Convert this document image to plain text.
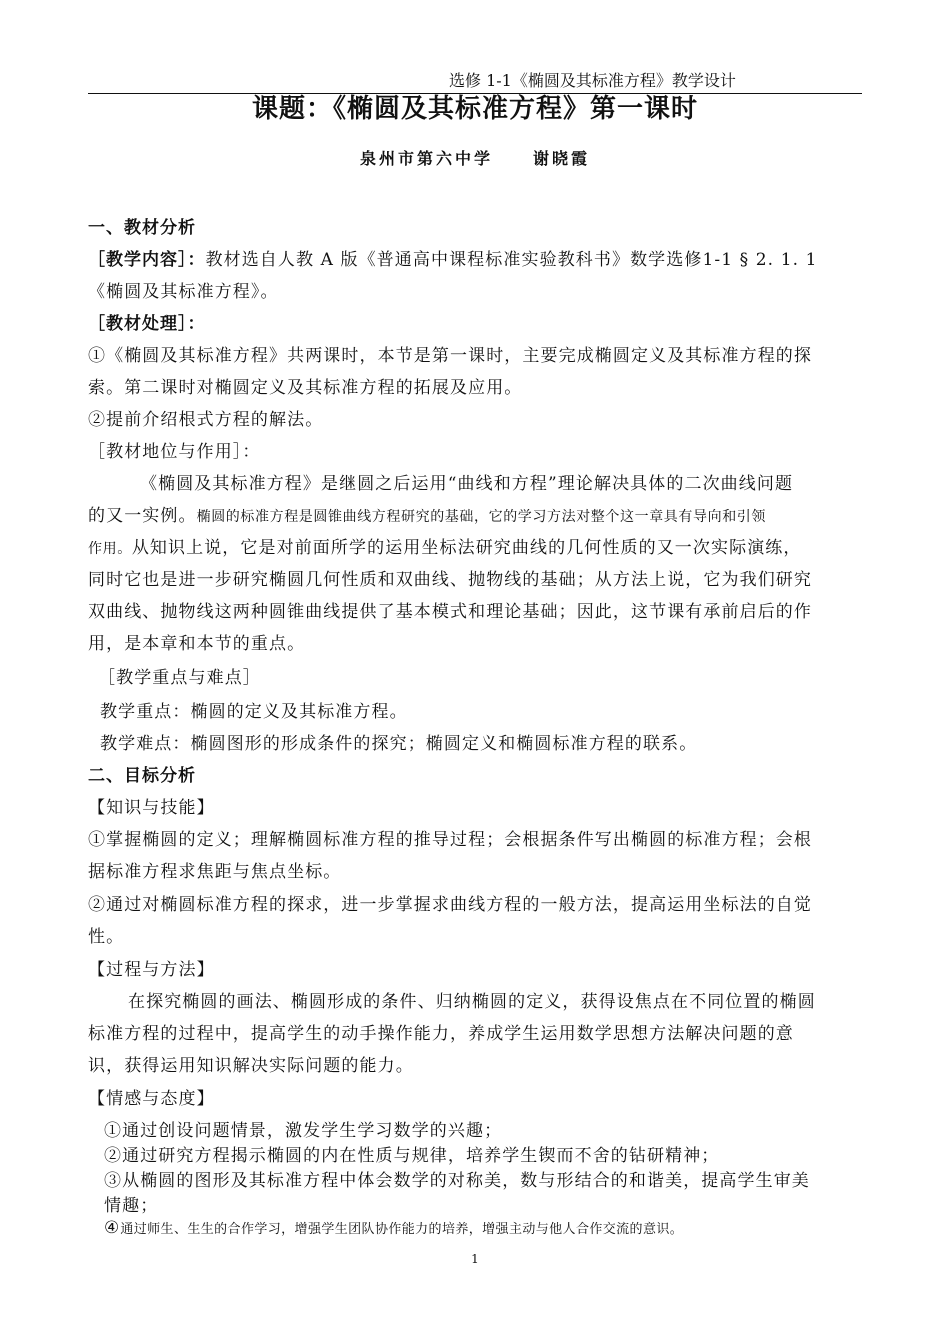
选修 1-1《椭圆及其标准方程》教学设计
课题：《椭圆及其标准方程》第一课时
泉州市第六中学	谢晓霞
一、教材分析
［教学内容］：教材选自人教 A 版《普通高中课程标准实验教科书》数学选修1-1 § 2. 1. 1
《椭圆及其标准方程》。
［教材处理］：
①《椭圆及其标准方程》共两课时，本节是第一课时，主要完成椭圆定义及其标准方程的探
索。第二课时对椭圆定义及其标准方程的拓展及应用。
②提前介绍根式方程的解法。
［教材地位与作用］：
《椭圆及其标准方程》是继圆之后运用“曲线和方程”理论解决具体的二次曲线问题
的又一实例。椭圆的标准方程是圆锥曲线方程研究的基础，它的学习方法对整个这一章具有导向和引领
作用。从知识上说，它是对前面所学的运用坐标法研究曲线的几何性质的又一次实际演练，
同时它也是进一步研究椭圆几何性质和双曲线、抛物线的基础；从方法上说，它为我们研究
双曲线、抛物线这两种圆锥曲线提供了基本模式和理论基础；因此，这节课有承前启后的作
用，是本章和本节的重点。
［教学重点与难点］
教学重点：椭圆的定义及其标准方程。
教学难点：椭圆图形的形成条件的探究；椭圆定义和椭圆标准方程的联系。
二、目标分析
【知识与技能】
①掌握椭圆的定义；理解椭圆标准方程的推导过程；会根据条件写出椭圆的标准方程；会根
据标准方程求焦距与焦点坐标。
②通过对椭圆标准方程的探求，进一步掌握求曲线方程的一般方法，提高运用坐标法的自觉
性。
【过程与方法】
在探究椭圆的画法、椭圆形成的条件、归纳椭圆的定义，获得设焦点在不同位置的椭圆
标准方程的过程中，提高学生的动手操作能力，养成学生运用数学思想方法解决问题的意
识，获得运用知识解决实际问题的能力。
【情感与态度】
①通过创设问题情景，激发学生学习数学的兴趣；
②通过研究方程揭示椭圆的内在性质与规律，培养学生锲而不舍的钻研精神；
③从椭圆的图形及其标准方程中体会数学的对称美，数与形结合的和谐美，提高学生审美
情趣；
④通过师生、生生的合作学习，增强学生团队协作能力的培养，增强主动与他人合作交流的意识。
1
